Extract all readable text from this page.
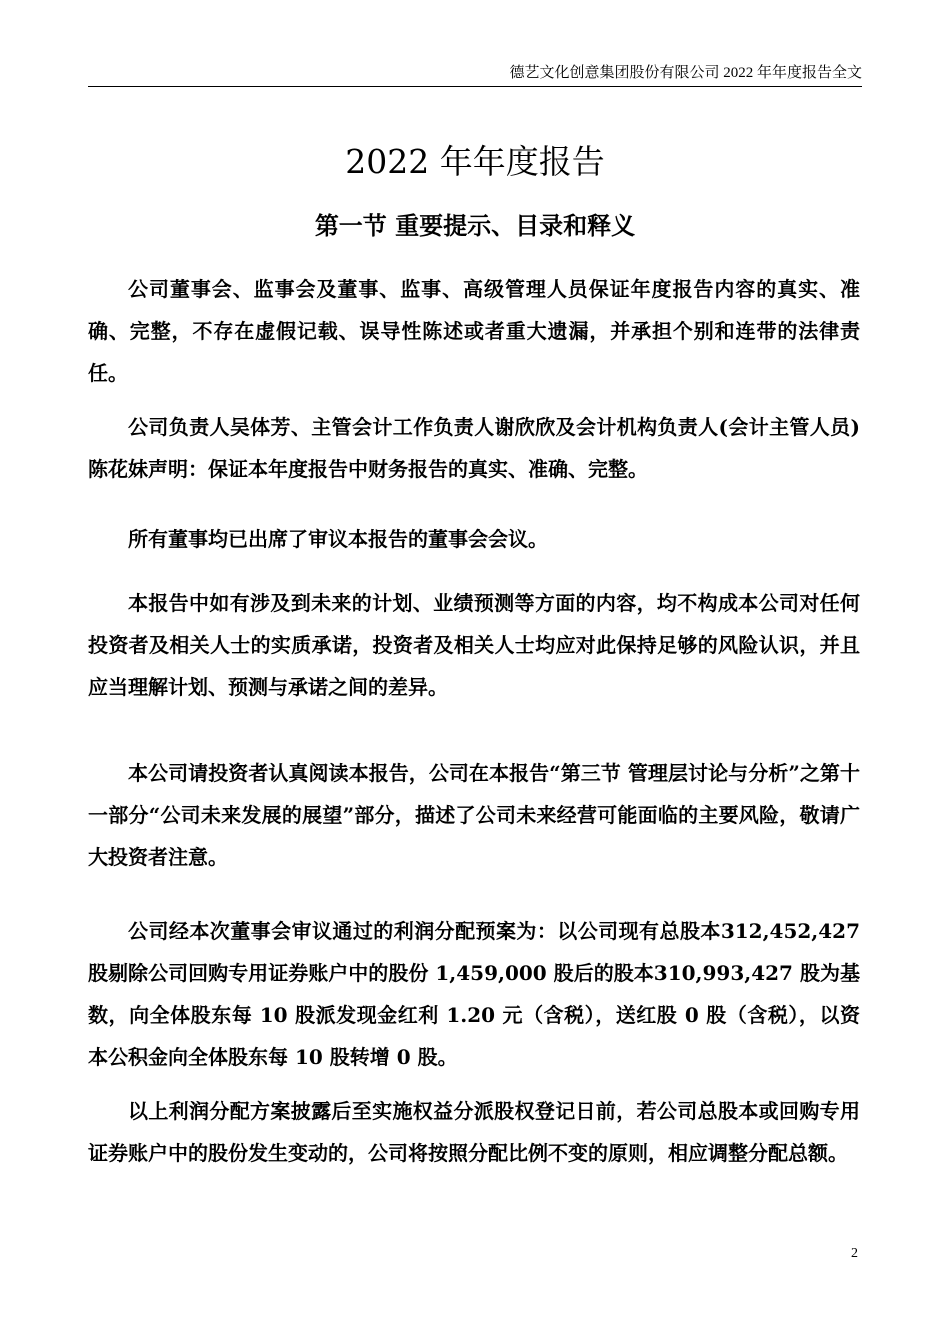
德艺文化创意集团股份有限公司 2022 年年度报告全文
2022 年年度报告
第一节 重要提示、目录和释义

公司董事会、监事会及董事、监事、高级管理人员保证年度报告内容的真实、准确、完整，不存在虚假记载、误导性陈述或者重大遗漏，并承担个别和连带的法律责任。

公司负责人吴体芳、主管会计工作负责人谢欣欣及会计机构负责人(会计主管人员)陈花妹声明：保证本年度报告中财务报告的真实、准确、完整。

所有董事均已出席了审议本报告的董事会会议。

本报告中如有涉及到未来的计划、业绩预测等方面的内容，均不构成本公司对任何投资者及相关人士的实质承诺，投资者及相关人士均应对此保持足够的风险认识，并且应当理解计划、预测与承诺之间的差异。

本公司请投资者认真阅读本报告，公司在本报告“第三节 管理层讨论与分析”之第十一部分“公司未来发展的展望”部分，描述了公司未来经营可能面临的主要风险，敬请广大投资者注意。

公司经本次董事会审议通过的利润分配预案为：以公司现有总股本312,452,427 股剔除公司回购专用证券账户中的股份 1,459,000 股后的股本310,993,427 股为基数，向全体股东每 10 股派发现金红利 1.20 元（含税），送红股 0 股（含税），以资本公积金向全体股东每 10 股转增 0 股。

以上利润分配方案披露后至实施权益分派股权登记日前，若公司总股本或回购专用证券账户中的股份发生变动的，公司将按照分配比例不变的原则，相应调整分配总额。

2
